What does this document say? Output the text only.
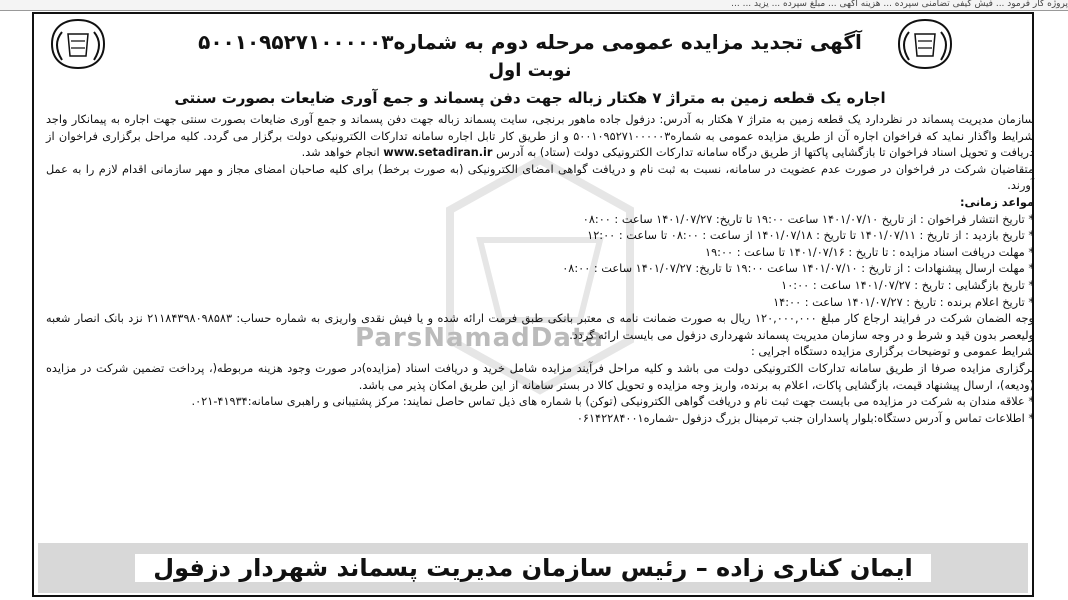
پروژه کار فرمود ... فیش کیفی تضامنی سپرده ... هزینه آگهی ... مبلغ سپرده ... یزید ... ...
ParsNamadData
آگهی تجدید مزایده عمومی مرحله دوم به شماره۵۰۰۱۰۹۵۲۷۱۰۰۰۰۰۳
نوبت اول
اجاره یک قطعه زمین به متراژ ۷ هکتار زباله جهت دفن پسماند و جمع آوری ضایعات بصورت سنتی

سازمان مدیریت پسماند در نظردارد یک قطعه زمین به متراژ ۷ هکتار به آدرس: دزفول جاده ماهور برنجی، سایت پسماند زباله جهت دفن پسماند و جمع آوری ضایعات بصورت سنتی جهت اجاره به پیمانکار واجد شرایط واگذار نماید که فراخوان اجاره آن از طریق مزایده عمومی به شماره۵۰۰۱۰۹۵۲۷۱۰۰۰۰۰۳ و از طریق کار تابل اجاره سامانه تدارکات الکترونیکی دولت برگزار می گردد. کلیه مراحل برگزاری فراخوان از دریافت و تحویل اسناد فراخوان تا بازگشایی پاکتها از طریق درگاه سامانه تدارکات الکترونیکی دولت (ستاد) به آدرس www.setadiran.ir انجام خواهد شد.

متقاضیان شرکت در فراخوان در صورت عدم عضویت در سامانه، نسبت به ثبت نام و دریافت گواهی امضای الکترونیکی (به صورت برخط) برای کلیه صاحبان امضای مجاز و مهر سازمانی اقدام لازم را به عمل آورند.

مواعد زمانی:

* تاریخ انتشار فراخوان : از تاریخ ۱۴۰۱/۰۷/۱۰ ساعت ۱۹:۰۰ تا تاریخ: ۱۴۰۱/۰۷/۲۷ ساعت : ۰۸:۰۰

* تاریخ بازدید : از تاریخ : ۱۴۰۱/۰۷/۱۱ تا تاریخ : ۱۴۰۱/۰۷/۱۸ از ساعت : ۰۸:۰۰ تا ساعت : ۱۲:۰۰

* مهلت دریافت اسناد مزایده : تا تاریخ : ۱۴۰۱/۰۷/۱۶ تا ساعت : ۱۹:۰۰

* مهلت ارسال پیشنهادات : از تاریخ : ۱۴۰۱/۰۷/۱۰ ساعت ۱۹:۰۰ تا تاریخ: ۱۴۰۱/۰۷/۲۷ ساعت : ۰۸:۰۰

* تاریخ بازگشایی : تاریخ : ۱۴۰۱/۰۷/۲۷ ساعت : ۱۰:۰۰

* تاریخ اعلام برنده : تاریخ : ۱۴۰۱/۰۷/۲۷ ساعت : ۱۴:۰۰

وجه الضمان شرکت در فرایند ارجاع کار مبلغ ۱۲۰,۰۰۰,۰۰۰ ریال به صورت ضمانت نامه ی معتبر بانکی طبق فرمت ارائه شده و یا فیش نقدی واریزی به شماره حساب: ۲۱۱۸۴۳۹۸۰۹۸۵۸۳ نزد بانک انصار شعبه ولیعصر بدون قید و شرط و در وجه سازمان مدیریت پسماند شهرداری دزفول می بایست ارائه گردد.

شرایط عمومی و توضیحات برگزاری مزایده دستگاه اجرایی :

برگزاری مزایده صرفا از طریق سامانه تدارکات الکترونیکی دولت می باشد و کلیه مراحل فرآیند مزایده شامل خرید و دریافت اسناد (مزایده)در صورت وجود هزینه مربوطه(، پرداخت تضمین شرکت در مزایده (ودیعه)، ارسال پیشنهاد قیمت، بازگشایی پاکات، اعلام به برنده، واریز وجه مزایده و تحویل کالا در بستر سامانه از این طریق امکان پذیر می باشد.

* علاقه مندان به شرکت در مزایده می بایست جهت ثبت نام و دریافت گواهی الکترونیکی (توکن) با شماره های ذیل تماس حاصل نمایند: مرکز پشتیبانی و راهبری سامانه:۴۱۹۳۴-۰۲۱.

* اطلاعات تماس و آدرس دستگاه:بلوار پاسداران جنب ترمینال بزرگ دزفول -شماره۰۶۱۴۲۲۸۴۰۰۱

ایمان کناری زاده – رئیس سازمان مدیریت پسماند شهردار دزفول
